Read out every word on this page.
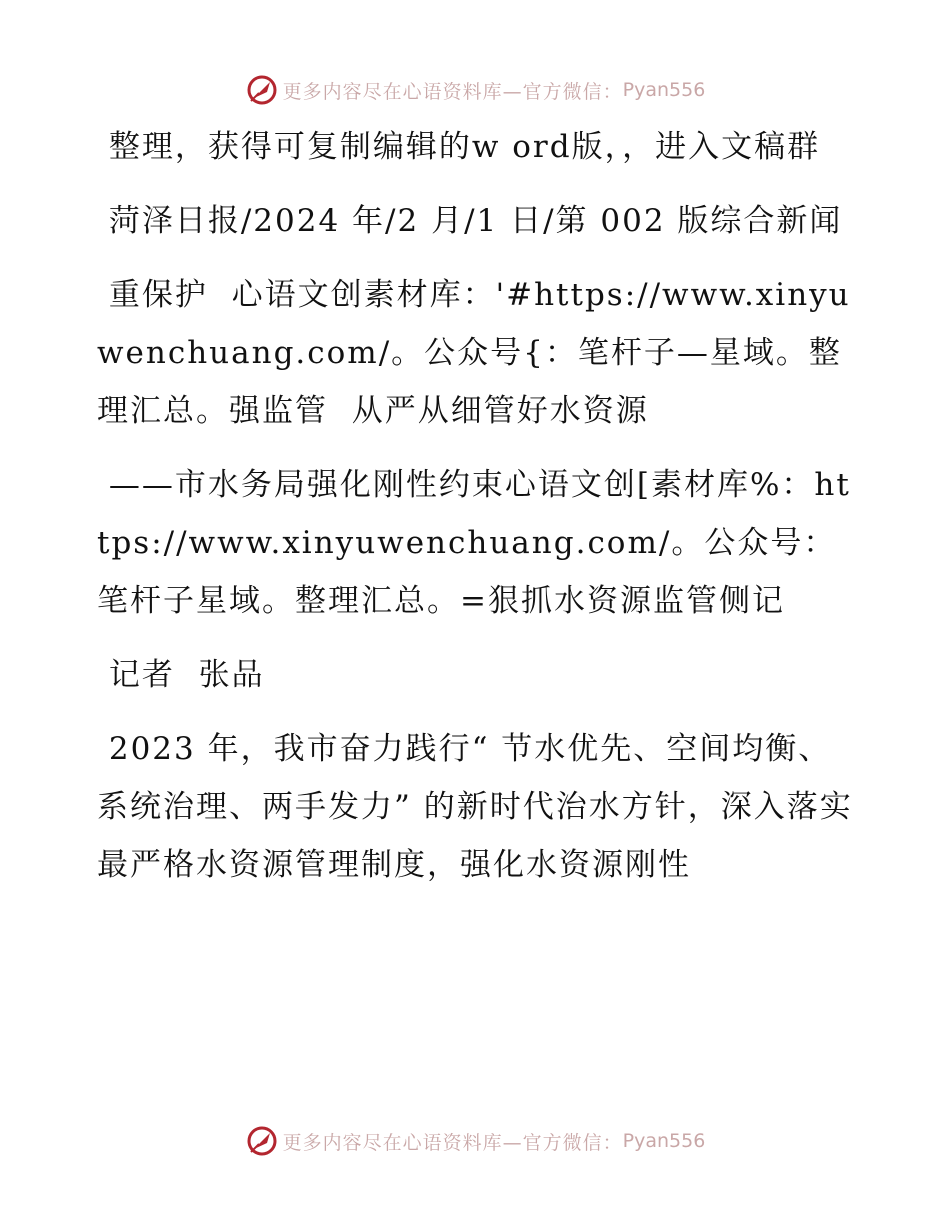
更多内容尽在心语资料库—官方微信： Pyan556

整理，获得可复制编辑的w ord版，，进入文稿群

菏泽日报/2024 年/2 月/1 日/第 002 版综合新闻

重保护  心语文创素材库：'#https://www.xinyuwenchuang.com/。公众号{：笔杆子—星域。整理汇总。强监管  从严从细管好水资源

——市水务局强化刚性约束心语文创[素材库%：https://www.xinyuwenchuang.com/。公众号：笔杆子星域。整理汇总。=狠抓水资源监管侧记

记者  张品

2023 年，我市奋力践行“ 节水优先、空间均衡、系统治理、两手发力” 的新时代治水方针，深入落实最严格水资源管理制度，强化水资源刚性

更多内容尽在心语资料库—官方微信： Pyan556
